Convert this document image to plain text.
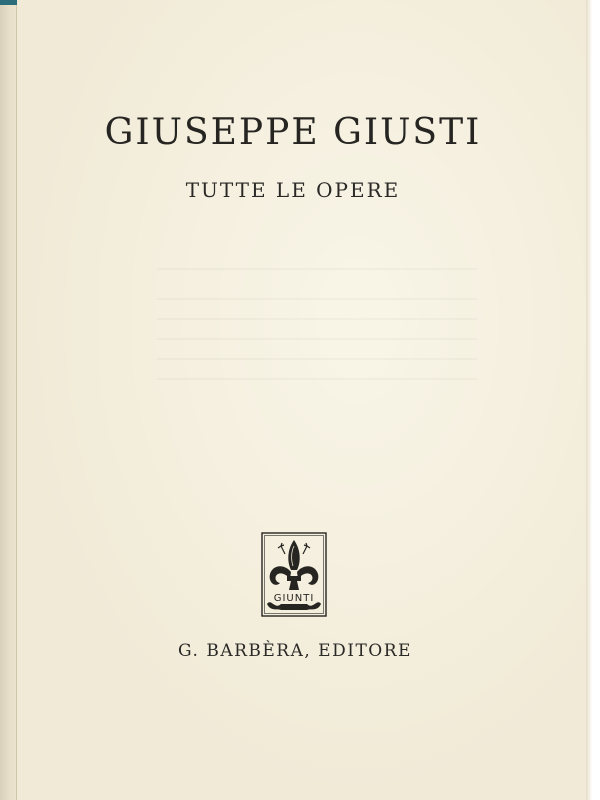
GIUSEPPE GIUSTI
TUTTE LE OPERE
GIUNTI

G. BARBÈRA, EDITORE
